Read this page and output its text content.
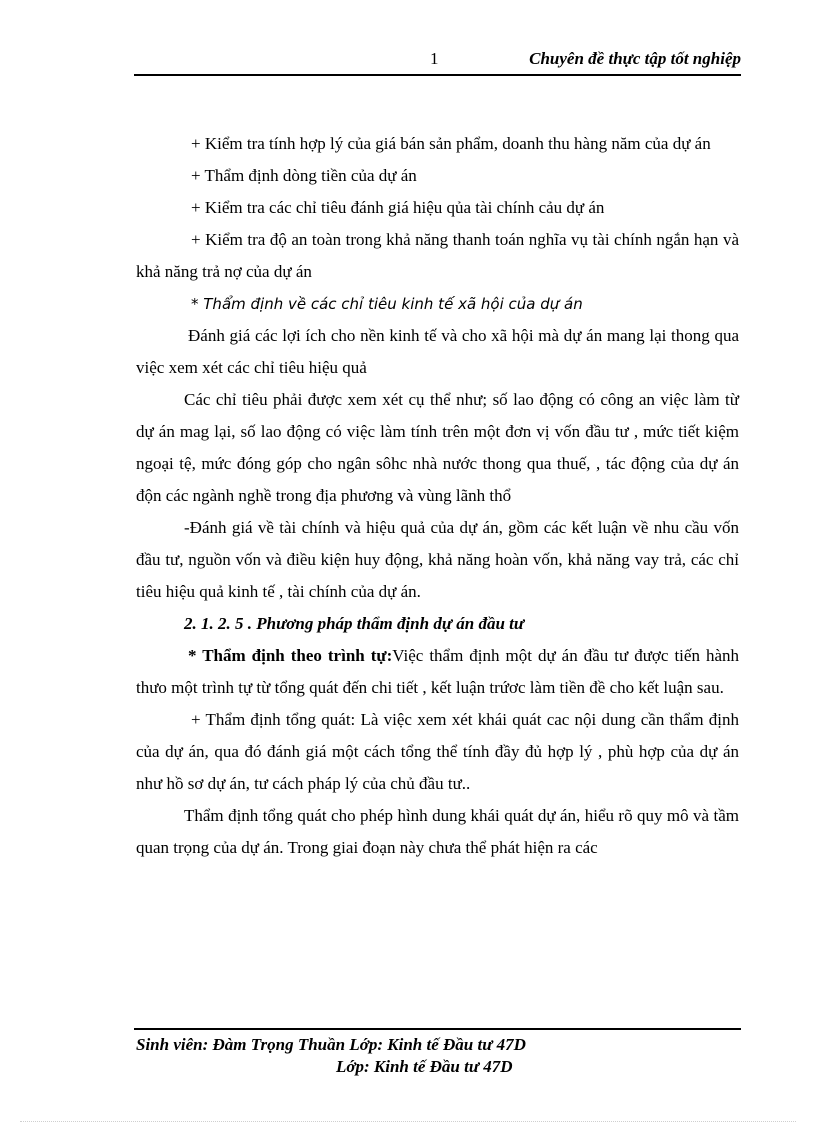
1	Chuyên đề thực tập tốt nghiệp

+ Kiểm tra tính hợp lý của giá bán sản phẩm, doanh thu hàng năm của dự án

+ Thẩm định dòng tiền của dự án

+ Kiểm tra các chỉ tiêu đánh giá hiệu qủa tài chính cảu dự án

+ Kiểm tra độ an toàn trong khả năng thanh toán nghĩa vụ tài chính ngắn hạn và khả năng trả nợ của dự án

* Thẩm định về các chỉ tiêu kinh tế xã hội của dự án

Đánh giá các lợi ích cho nền kinh tế và cho xã hội mà dự án mang lại thong qua việc xem xét các chỉ tiêu hiệu quả

Các chỉ tiêu phải được xem xét cụ thể như; số lao động có công an việc làm từ dự án mag lại, số lao động có việc làm tính trên một đơn vị vốn đầu tư , mức tiết kiệm ngoại tệ, mức đóng góp cho ngân sôhc nhà nước thong qua thuế, , tác động của dự án độn các ngành nghề trong địa phương và vùng lãnh thổ

-Đánh giá về tài chính và hiệu quả của dự án, gồm các kết luận về nhu cầu vốn đầu tư, nguồn vốn và điều kiện huy động, khả năng hoàn vốn, khả năng vay trả, các chỉ tiêu hiệu quả kinh tế , tài chính của dự án.

2. 1. 2. 5 . Phương pháp thẩm định dự án đầu tư

* Thẩm định theo trình tự:Việc thẩm định một dự án đầu tư được tiến hành thưo một trình tự từ tổng quát đến chi tiết , kết luận trứơc làm tiền đề cho kết luận sau.

+ Thẩm định tổng quát: Là việc xem xét khái quát cac nội dung cần thẩm định của dự án, qua đó đánh giá một cách tổng thể tính đầy đủ hợp lý , phù hợp của dự án như hồ sơ dự án, tư cách pháp lý của chủ đầu tư..

Thẩm định tổng quát cho phép hình dung khái quát dự án, hiểu rõ quy mô và tầm quan trọng của dự án. Trong giai đoạn này chưa thể phát hiện ra các

Sinh viên: Đàm Trọng Thuần Lớp: Kinh tế Đầu tư 47D
Lớp: Kinh tế Đầu tư 47D
